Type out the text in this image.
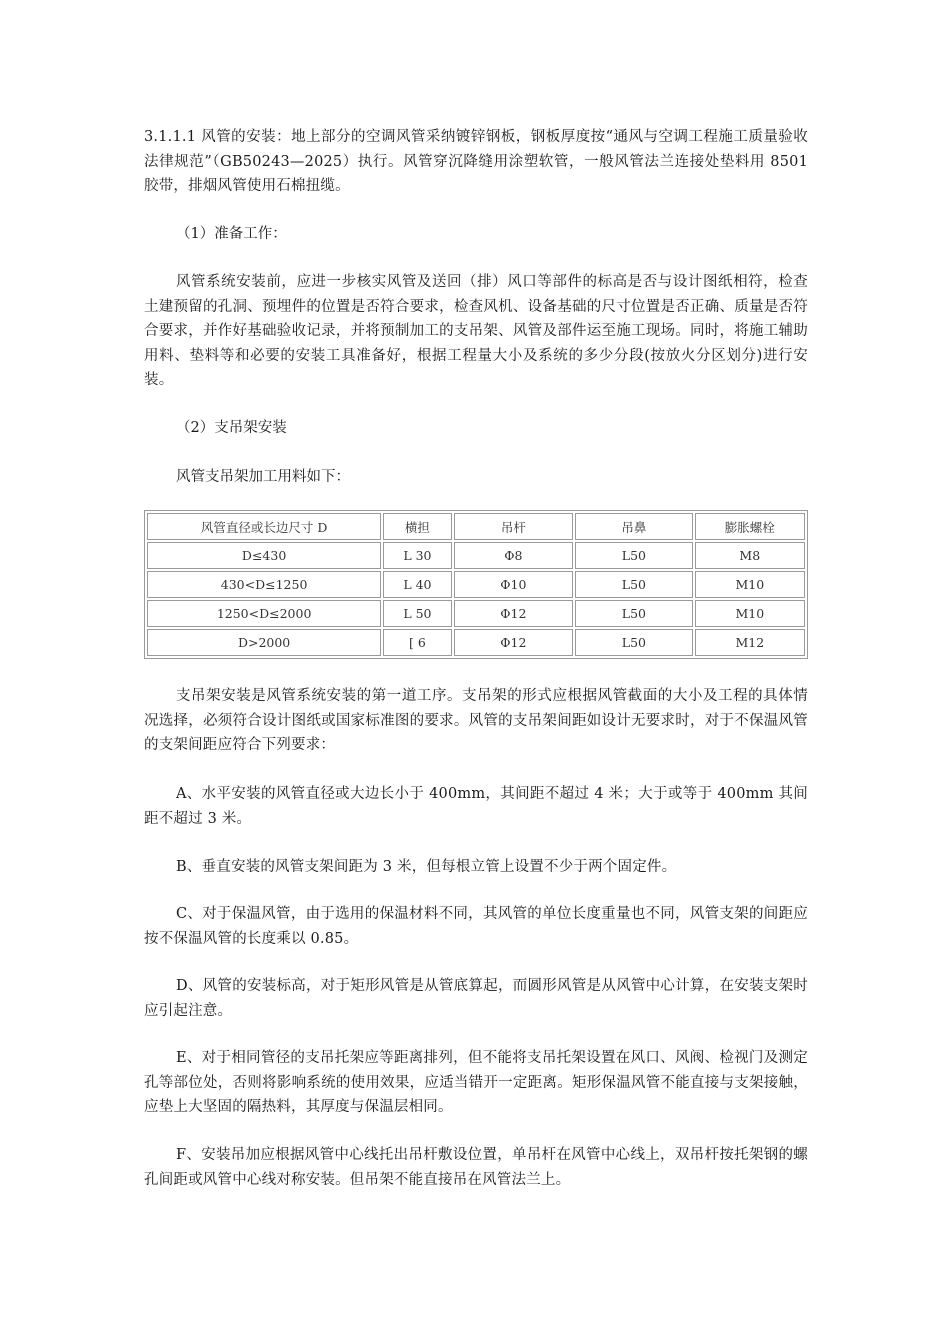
3.1.1.1 风管的安装：地上部分的空调风管采纳镀锌钢板，钢板厚度按“通风与空调工程施工质量验收法律规范”（GB50243—2025）执行。风管穿沉降缝用涂塑软管，一般风管法兰连接处垫料用 8501 胶带，排烟风管使用石棉扭缆。

（1）准备工作：

风管系统安装前，应进一步核实风管及送回（排）风口等部件的标高是否与设计图纸相符，检查土建预留的孔洞、预埋件的位置是否符合要求，检查风机、设备基础的尺寸位置是否正确、质量是否符合要求，并作好基础验收记录，并将预制加工的支吊架、风管及部件运至施工现场。同时，将施工辅助用料、垫料等和必要的安装工具准备好，根据工程量大小及系统的多少分段(按放火分区划分)进行安装。

（2）支吊架安装

风管支吊架加工用料如下：

风管直径或长边尺寸 D	横担	吊杆	吊鼻	膨胀螺栓
D≤430	L 30	Φ8	L50	M8
430<D≤1250	L 40	Φ10	L50	M10
1250<D≤2000	L 50	Φ12	L50	M10
D>2000	[ 6	Φ12	L50	M12

支吊架安装是风管系统安装的第一道工序。支吊架的形式应根据风管截面的大小及工程的具体情况选择，必须符合设计图纸或国家标准图的要求。风管的支吊架间距如设计无要求时，对于不保温风管的支架间距应符合下列要求：

A、水平安装的风管直径或大边长小于 400mm，其间距不超过 4 米；大于或等于 400mm 其间距不超过 3 米。

B、垂直安装的风管支架间距为 3 米，但每根立管上设置不少于两个固定件。

C、对于保温风管，由于选用的保温材料不同，其风管的单位长度重量也不同，风管支架的间距应按不保温风管的长度乘以 0.85。

D、风管的安装标高，对于矩形风管是从管底算起，而圆形风管是从风管中心计算，在安装支架时应引起注意。

E、对于相同管径的支吊托架应等距离排列，但不能将支吊托架设置在风口、风阀、检视门及测定孔等部位处，否则将影响系统的使用效果，应适当错开一定距离。矩形保温风管不能直接与支架接触，应垫上大坚固的隔热料，其厚度与保温层相同。

F、安装吊加应根据风管中心线托出吊杆敷设位置，单吊杆在风管中心线上，双吊杆按托架钢的螺孔间距或风管中心线对称安装。但吊架不能直接吊在风管法兰上。
